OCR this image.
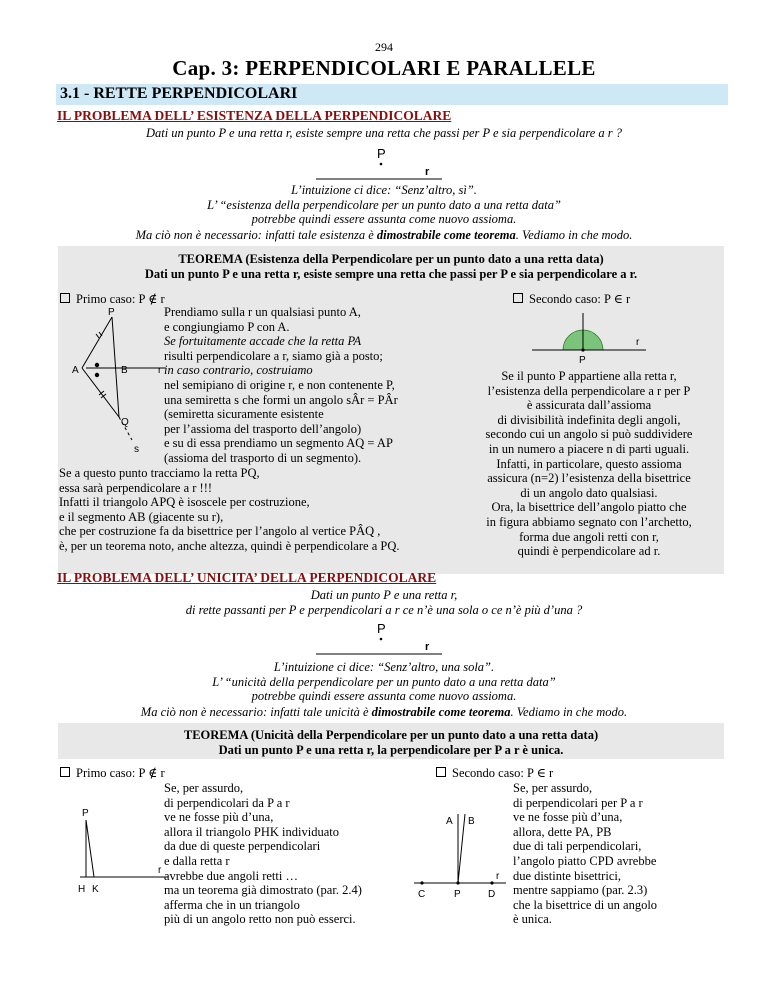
294
Cap. 3: PERPENDICOLARI E PARALLELE
3.1 - RETTE PERPENDICOLARI
IL PROBLEMA DELL’ ESISTENZA DELLA PERPENDICOLARE
Dati un punto P e una retta r, esiste sempre una retta che passi per P e sia perpendicolare a r ?
P
r
L’intuizione ci dice: “Senz’altro, sì”.
L’ “esistenza della perpendicolare per un punto dato a una retta data”
potrebbe quindi essere assunta come nuovo assioma.
Ma ciò non è necessario: infatti tale esistenza è dimostrabile come teorema. Vediamo in che modo.
TEOREMA (Esistenza della Perpendicolare per un punto dato a una retta data)
Dati un punto P e una retta r, esiste sempre una retta che passi per P e sia perpendicolare a r.
Primo caso: P ∉ r	Secondo caso: P ∈ r
P
A	B	r
Q
s
Prendiamo sulla r un qualsiasi punto A,
e congiungiamo P con A.
Se fortuitamente accade che la retta PA
risulti perpendicolare a r, siamo già a posto;
in caso contrario, costruiamo
nel semipiano di origine r, e non contenente P,
una semiretta s che formi un angolo sÂr = PÂr
(semiretta sicuramente esistente
per l’assioma del trasporto dell’angolo)
e su di essa prendiamo un segmento AQ = AP
(assioma del trasporto di un segmento).
Se a questo punto tracciamo la retta PQ,
essa sarà perpendicolare a r !!!
Infatti il triangolo APQ è isoscele per costruzione,
e il segmento AB (giacente su r),
che per costruzione fa da bisettrice per l’angolo al vertice PÂQ ,
è, per un teorema noto, anche altezza, quindi è perpendicolare a PQ.
P
r
Se il punto P appartiene alla retta r,
l’esistenza della perpendicolare a r per P
è assicurata dall’assioma
di divisibilità indefinita degli angoli,
secondo cui un angolo si può suddividere
in un numero a piacere n di parti uguali.
Infatti, in particolare, questo assioma
assicura (n=2) l’esistenza della bisettrice
di un angolo dato qualsiasi.
Ora, la bisettrice dell’angolo piatto che
in figura abbiamo segnato con l’archetto,
forma due angoli retti con r,
quindi è perpendicolare ad r.
IL PROBLEMA DELL’ UNICITA’ DELLA PERPENDICOLARE
Dati un punto P e una retta r,
di rette passanti per P e perpendicolari a r ce n’è una sola o ce n’è più d’una ?
P
r
L’intuizione ci dice: “Senz’altro, una sola”.
L’ “unicità della perpendicolare per un punto dato a una retta data”
potrebbe quindi essere assunta come nuovo assioma.
Ma ciò non è necessario: infatti tale unicità è dimostrabile come teorema. Vediamo in che modo.
TEOREMA (Unicità della Perpendicolare per un punto dato a una retta data)
Dati un punto P e una retta r, la perpendicolare per P a r è unica.
Primo caso: P ∉ r	Secondo caso: P ∈ r
P
r
H K
Se, per assurdo,
di perpendicolari da P a r
ve ne fosse più d’una,
allora il triangolo PHK individuato
da due di queste perpendicolari
e dalla retta r
avrebbe due angoli retti …
ma un teorema già dimostrato (par. 2.4)
afferma che in un triangolo
più di un angolo retto non può esserci.
A B
r
C	P	D
Se, per assurdo,
di perpendicolari per P a r
ve ne fosse più d’una,
allora, dette PA, PB
due di tali perpendicolari,
l’angolo piatto CPD avrebbe
due distinte bisettrici,
mentre sappiamo (par. 2.3)
che la bisettrice di un angolo
è unica.
